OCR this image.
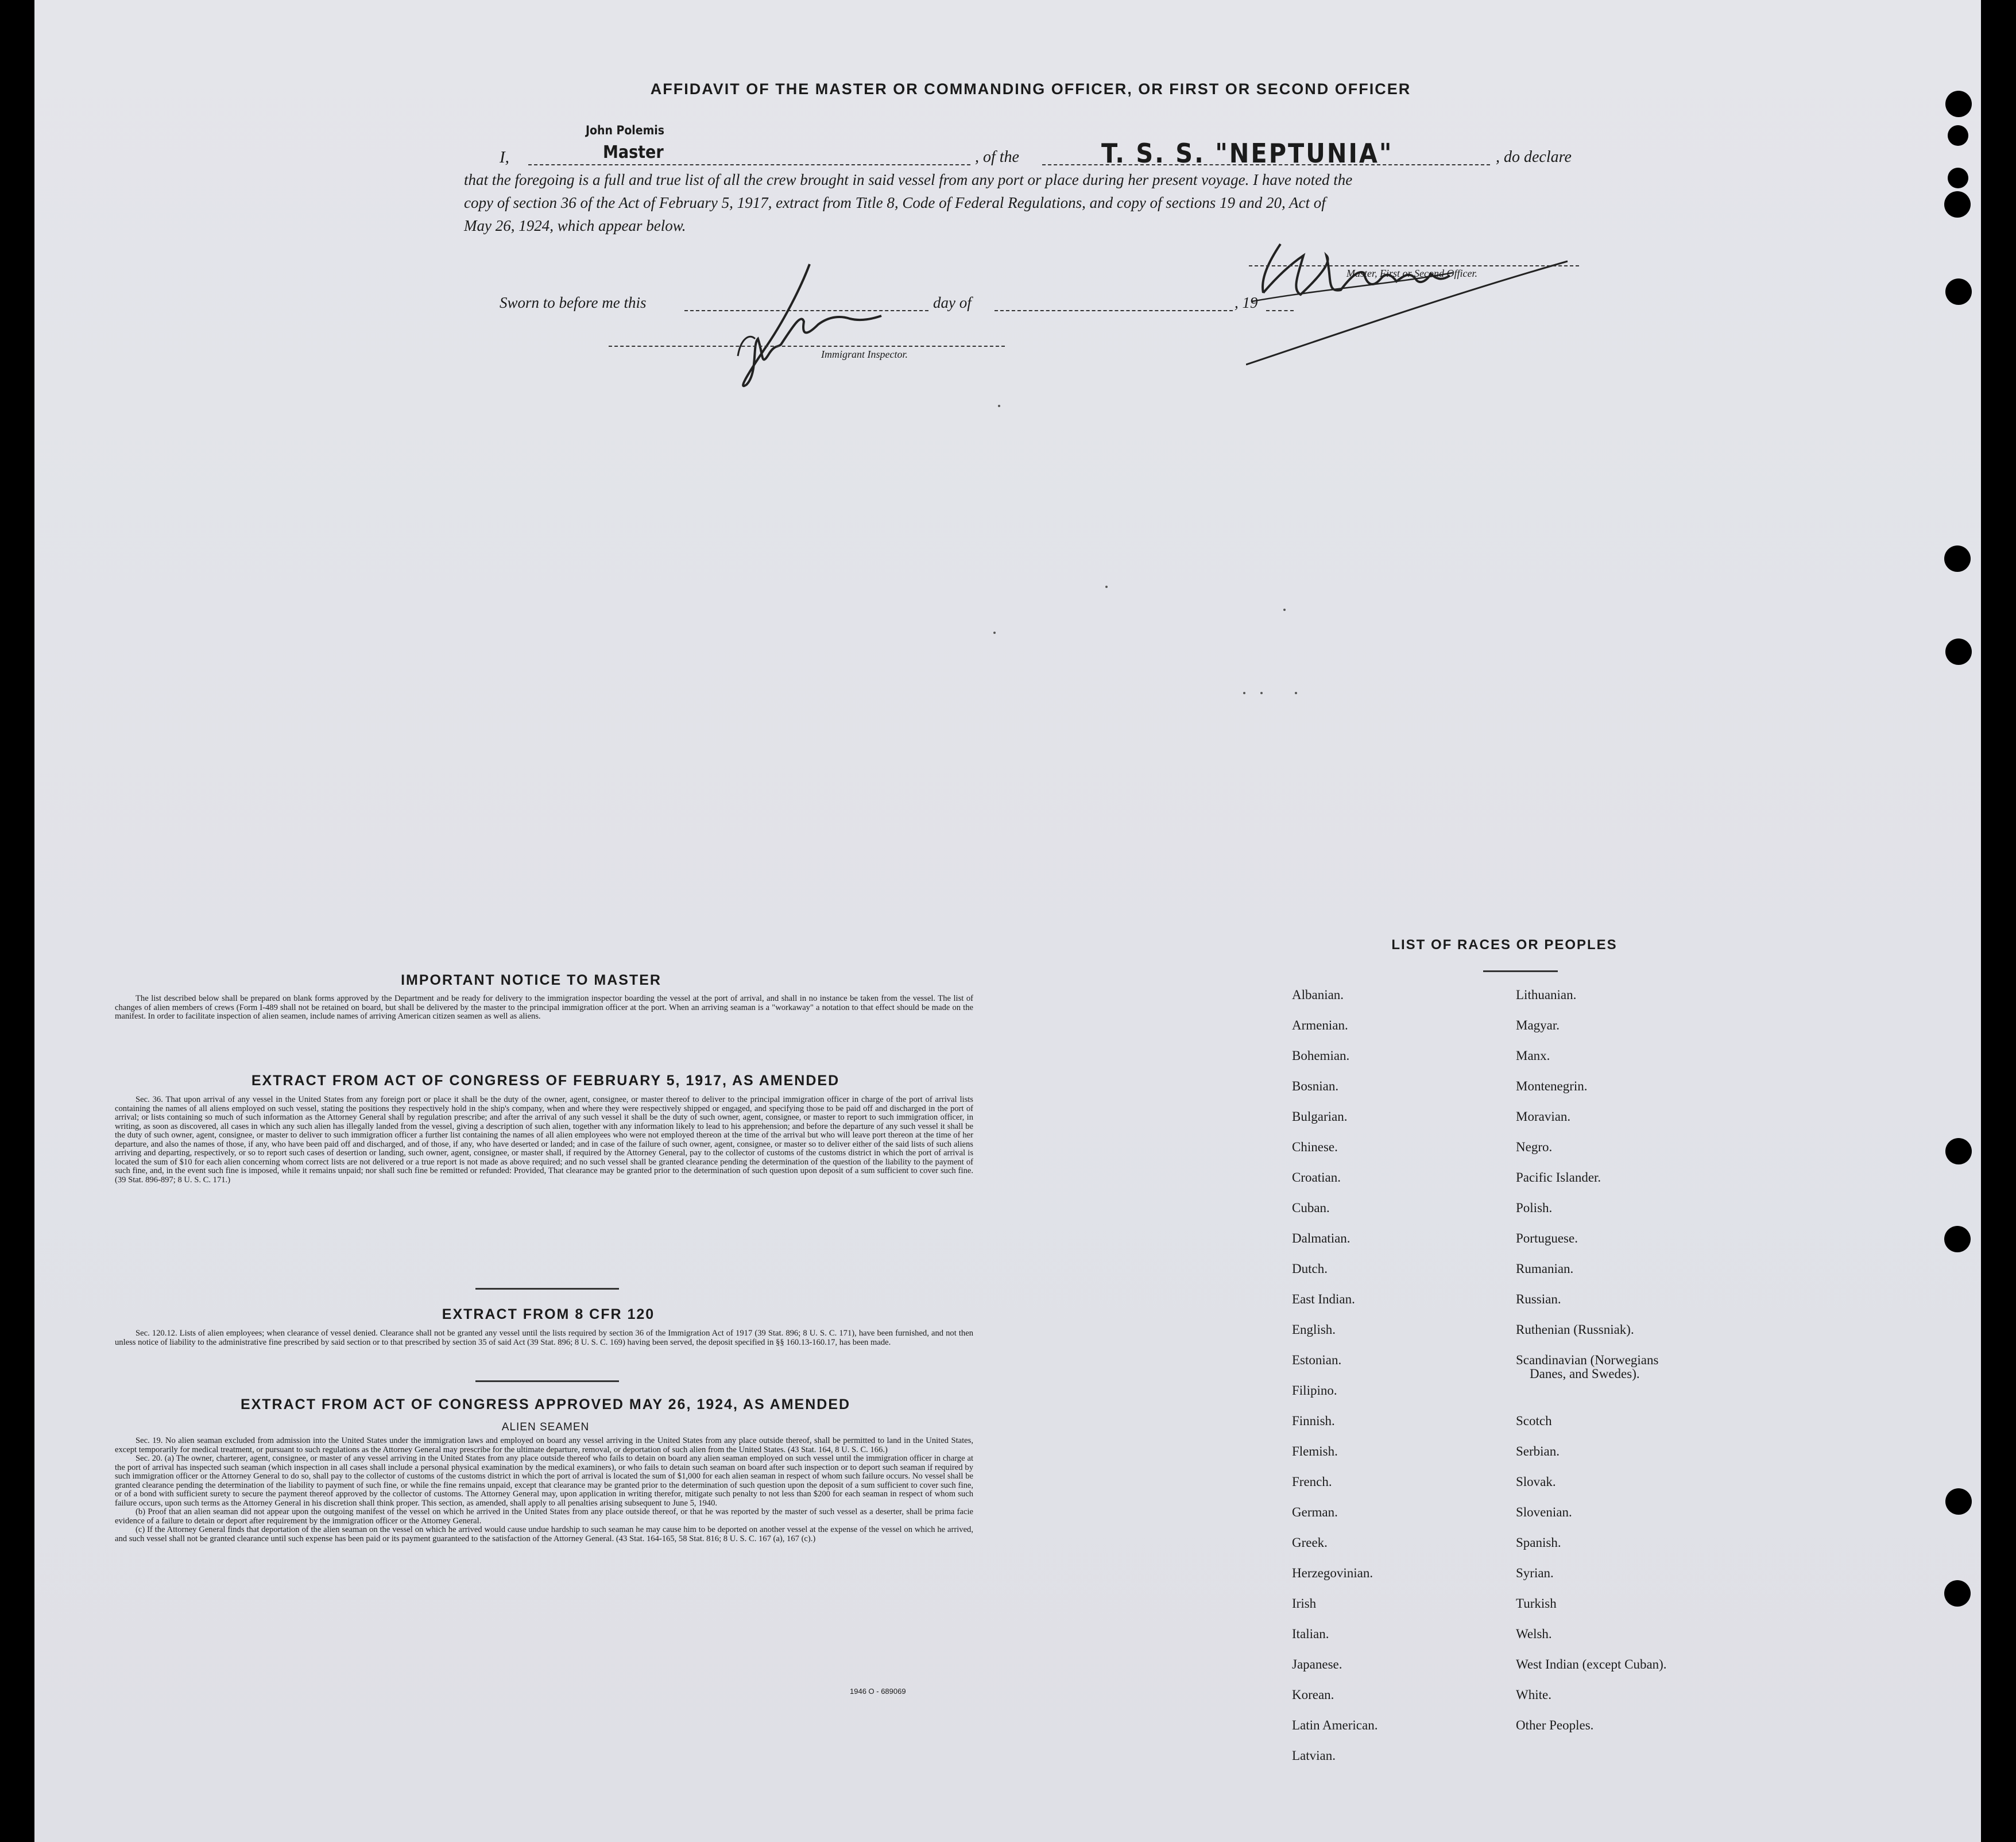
AFFIDAVIT OF THE MASTER OR COMMANDING OFFICER, OR FIRST OR SECOND OFFICER
I,
John Polemis
Master	, of the	T. S. S. "NEPTUNIA"	, do declare
that the foregoing is a full and true list of all the crew brought in said vessel from any port or place during her present voyage. I have noted the
copy of section 36 of the Act of February 5, 1917, extract from Title 8, Code of Federal Regulations, and copy of sections 19 and 20, Act of
May 26, 1924, which appear below.
Master, First or Second Officer.
Sworn to before me this	day of	, 19
Immigrant Inspector.
IMPORTANT NOTICE TO MASTER

The list described below shall be prepared on blank forms approved by the Department and be ready for delivery to the immigration inspector boarding the vessel at the port of arrival, and shall in no instance be taken from the vessel. The list of changes of alien members of crews (Form I-489 shall not be retained on board, but shall be delivered by the master to the principal immigration officer at the port. When an arriving seaman is a "workaway" a notation to that effect should be made on the manifest. In order to facilitate inspection of alien seamen, include names of arriving American citizen seamen as well as aliens.

EXTRACT FROM ACT OF CONGRESS OF FEBRUARY 5, 1917, AS AMENDED

Sec. 36. That upon arrival of any vessel in the United States from any foreign port or place it shall be the duty of the owner, agent, consignee, or master thereof to deliver to the principal immigration officer in charge of the port of arrival lists containing the names of all aliens employed on such vessel, stating the positions they respectively hold in the ship's company, when and where they were respectively shipped or engaged, and specifying those to be paid off and discharged in the port of arrival; or lists containing so much of such information as the Attorney General shall by regulation prescribe; and after the arrival of any such vessel it shall be the duty of such owner, agent, consignee, or master to report to such immigration officer, in writing, as soon as discovered, all cases in which any such alien has illegally landed from the vessel, giving a description of such alien, together with any information likely to lead to his apprehension; and before the departure of any such vessel it shall be the duty of such owner, agent, consignee, or master to deliver to such immigration officer a further list containing the names of all alien employees who were not employed thereon at the time of the arrival but who will leave port thereon at the time of her departure, and also the names of those, if any, who have been paid off and discharged, and of those, if any, who have deserted or landed; and in case of the failure of such owner, agent, consignee, or master so to deliver either of the said lists of such aliens arriving and departing, respectively, or so to report such cases of desertion or landing, such owner, agent, consignee, or master shall, if required by the Attorney General, pay to the collector of customs of the customs district in which the port of arrival is located the sum of $10 for each alien concerning whom correct lists are not delivered or a true report is not made as above required; and no such vessel shall be granted clearance pending the determination of the question of the liability to the payment of such fine, and, in the event such fine is imposed, while it remains unpaid; nor shall such fine be remitted or refunded: Provided, That clearance may be granted prior to the determination of such question upon deposit of a sum sufficient to cover such fine. (39 Stat. 896-897; 8 U. S. C. 171.)

EXTRACT FROM 8 CFR 120

Sec. 120.12. Lists of alien employees; when clearance of vessel denied. Clearance shall not be granted any vessel until the lists required by section 36 of the Immigration Act of 1917 (39 Stat. 896; 8 U. S. C. 171), have been furnished, and not then unless notice of liability to the administrative fine prescribed by said section or to that prescribed by section 35 of said Act (39 Stat. 896; 8 U. S. C. 169) having been served, the deposit specified in §§ 160.13-160.17, has been made.

EXTRACT FROM ACT OF CONGRESS APPROVED MAY 26, 1924, AS AMENDED
ALIEN SEAMEN

Sec. 19. No alien seaman excluded from admission into the United States under the immigration laws and employed on board any vessel arriving in the United States from any place outside thereof, shall be permitted to land in the United States, except temporarily for medical treatment, or pursuant to such regulations as the Attorney General may prescribe for the ultimate departure, removal, or deportation of such alien from the United States. (43 Stat. 164, 8 U. S. C. 166.)

Sec. 20. (a) The owner, charterer, agent, consignee, or master of any vessel arriving in the United States from any place outside thereof who fails to detain on board any alien seaman employed on such vessel until the immigration officer in charge at the port of arrival has inspected such seaman (which inspection in all cases shall include a personal physical examination by the medical examiners), or who fails to detain such seaman on board after such inspection or to deport such seaman if required by such immigration officer or the Attorney General to do so, shall pay to the collector of customs of the customs district in which the port of arrival is located the sum of $1,000 for each alien seaman in respect of whom such failure occurs. No vessel shall be granted clearance pending the determination of the liability to payment of such fine, or while the fine remains unpaid, except that clearance may be granted prior to the determination of such question upon the deposit of a sum sufficient to cover such fine, or of a bond with sufficient surety to secure the payment thereof approved by the collector of customs. The Attorney General may, upon application in writing therefor, mitigate such penalty to not less than $200 for each seaman in respect of whom such failure occurs, upon such terms as the Attorney General in his discretion shall think proper. This section, as amended, shall apply to all penalties arising subsequent to June 5, 1940.

(b) Proof that an alien seaman did not appear upon the outgoing manifest of the vessel on which he arrived in the United States from any place outside thereof, or that he was reported by the master of such vessel as a deserter, shall be prima facie evidence of a failure to detain or deport after requirement by the immigration officer or the Attorney General.

(c) If the Attorney General finds that deportation of the alien seaman on the vessel on which he arrived would cause undue hardship to such seaman he may cause him to be deported on another vessel at the expense of the vessel on which he arrived, and such vessel shall not be granted clearance until such expense has been paid or its payment guaranteed to the satisfaction of the Attorney General. (43 Stat. 164-165, 58 Stat. 816; 8 U. S. C. 167 (a), 167 (c).)

1946 O - 689069
LIST OF RACES OR PEOPLES
Albanian.
Armenian.
Bohemian.
Bosnian.
Bulgarian.
Chinese.
Croatian.
Cuban.
Dalmatian.
Dutch.
East Indian.
English.
Estonian.
Filipino.
Finnish.
Flemish.
French.
German.
Greek.
Herzegovinian.
Irish
Italian.
Japanese.
Korean.
Latin American.
Latvian.
Lithuanian.
Magyar.
Manx.
Montenegrin.
Moravian.
Negro.
Pacific Islander.
Polish.
Portuguese.
Rumanian.
Russian.
Ruthenian (Russniak).
Scandinavian (Norwegians
Danes, and Swedes).
Scotch
Serbian.
Slovak.
Slovenian.
Spanish.
Syrian.
Turkish
Welsh.
West Indian (except Cuban).
White.
Other Peoples.
